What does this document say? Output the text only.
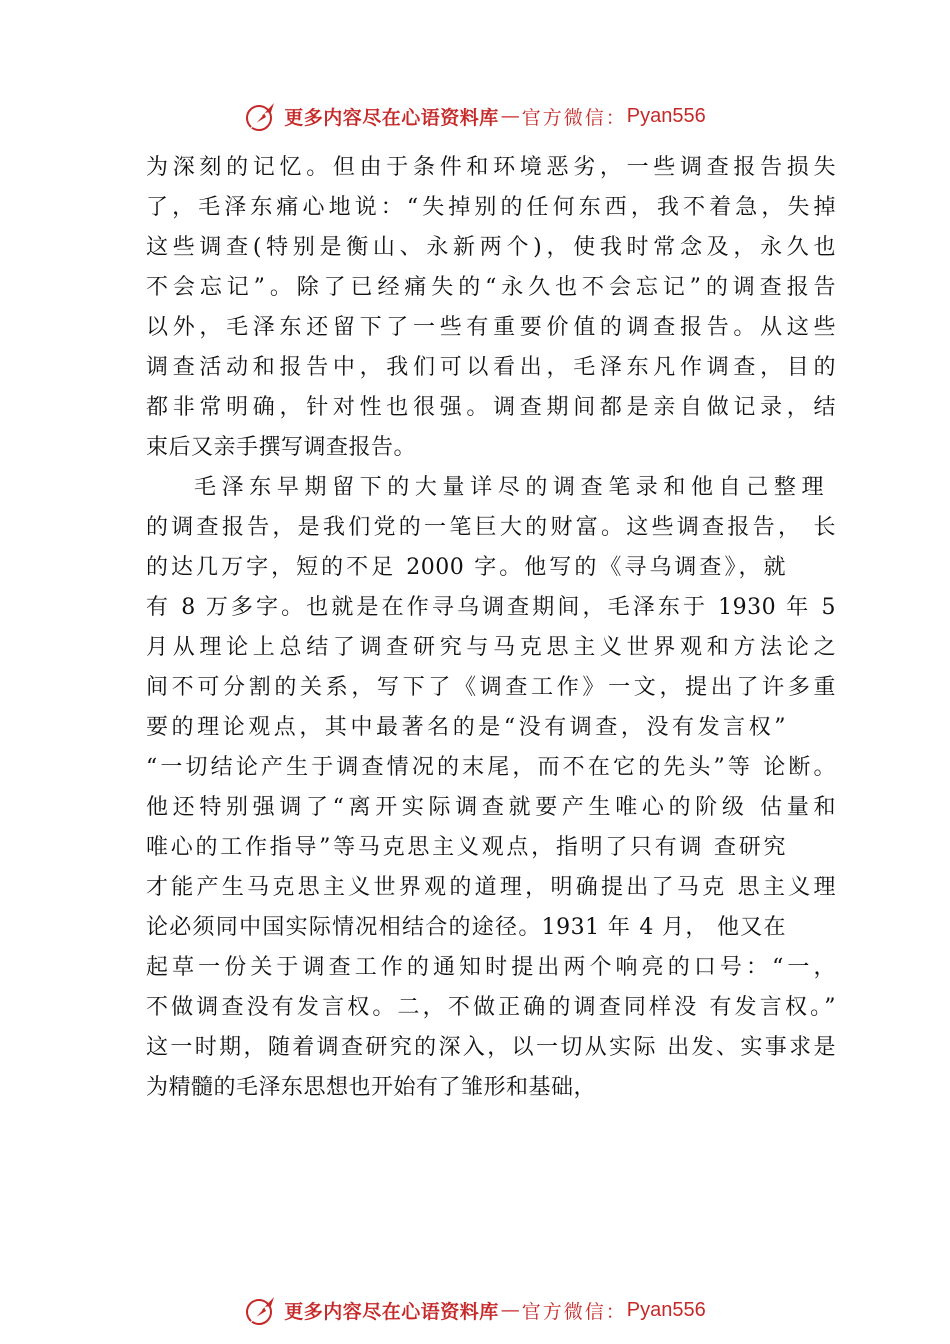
更多内容尽在心语资料库 — 官方微信： Pyan556
为深刻的记忆。但由于条件和环境恶劣，一些调查报告损失
了，毛泽东痛心地说：“失掉别的任何东西，我不着急，失掉
这些调查(特别是衡山、永新两个)，使我时常念及，永久也
不会忘记”。除了已经痛失的“永久也不会忘记”的调查报告
以外，毛泽东还留下了一些有重要价值的调查报告。从这些
调查活动和报告中，我们可以看出，毛泽东凡作调查，目的
都非常明确，针对性也很强。调查期间都是亲自做记录，结
束后又亲手撰写调查报告。
毛泽东早期留下的大量详尽的调查笔录和他自己整理
的调查报告，是我们党的一笔巨大的财富。这些调查报告， 长
的达几万字，短的不足 2000 字。他写的《寻乌调查》，就
有 8 万多字。也就是在作寻乌调查期间，毛泽东于 1930 年 5
月从理论上总结了调查研究与马克思主义世界观和方法论之
间不可分割的关系，写下了《调查工作》一文，提出了许多重
要的理论观点，其中最著名的是“没有调查，没有发言权”
“一切结论产生于调查情况的末尾，而不在它的先头”等 论断。
他还特别强调了“离开实际调查就要产生唯心的阶级 估量和
唯心的工作指导”等马克思主义观点，指明了只有调 查研究
才能产生马克思主义世界观的道理，明确提出了马克 思主义理
论必须同中国实际情况相结合的途径。1931 年 4 月， 他又在
起草一份关于调查工作的通知时提出两个响亮的口号：“一，
不做调查没有发言权。二，不做正确的调查同样没 有发言权。”
这一时期，随着调查研究的深入，以一切从实际 出发、实事求是
为精髓的毛泽东思想也开始有了雏形和基础，
更多内容尽在心语资料库 — 官方微信： Pyan556
